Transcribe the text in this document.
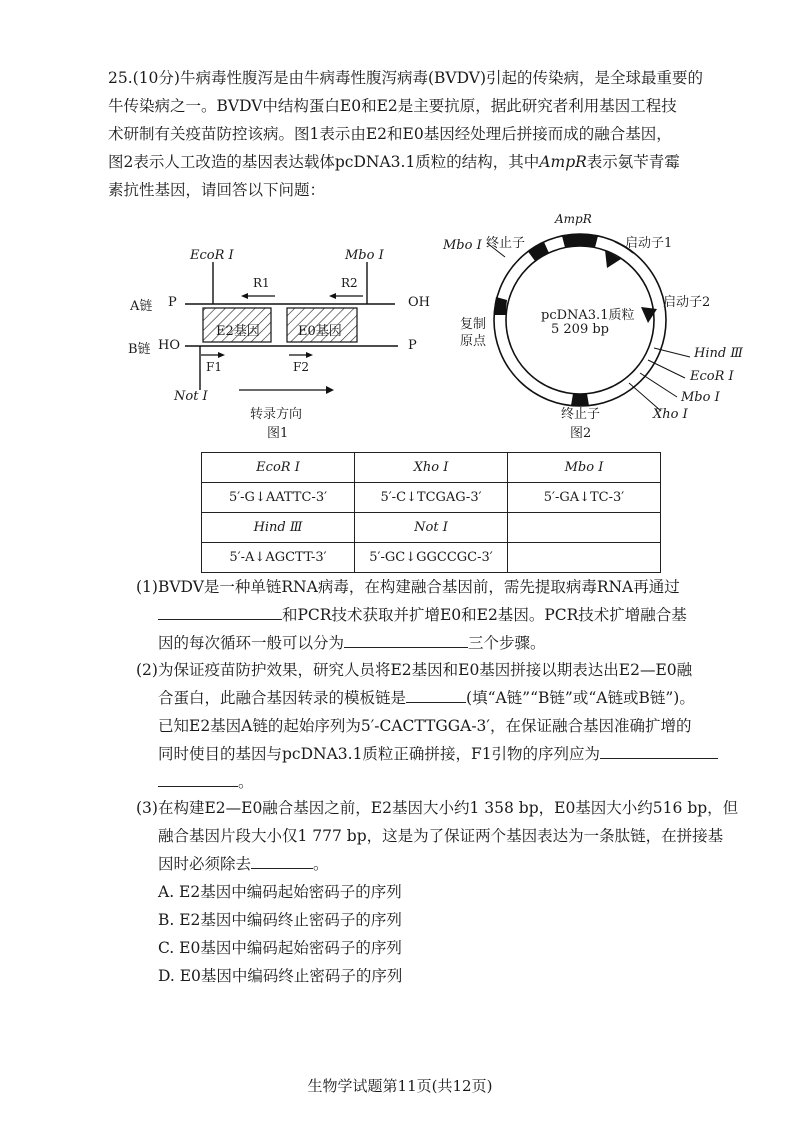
25.(10分)牛病毒性腹泻是由牛病毒性腹泻病毒(BVDV)引起的传染病，是全球最重要的
牛传染病之一。BVDV中结构蛋白E0和E2是主要抗原，据此研究者利用基因工程技
术研制有关疫苗防控该病。图1表示由E2和E0基因经处理后拼接而成的融合基因，
图2表示人工改造的基因表达载体pcDNA3.1质粒的结构，其中AmpR表示氨苄青霉
素抗性基因，请回答以下问题：
EcoR Ⅰ	Mbo Ⅰ
R1	R2
A链 P	OH
E2基因	E0基因
B链 HO	P
F1	F2
Not Ⅰ
转录方向
图1
AmpR
终止子	启动子1
Mbo Ⅰ
启动子2
复制
原点
pcDNA3.1质粒
5 209 bp
Hind Ⅲ
EcoR Ⅰ
Mbo Ⅰ
终止子	Xho Ⅰ
图2
EcoR Ⅰ	Xho Ⅰ	Mbo Ⅰ
5′-G↓AATTC-3′	5′-C↓TCGAG-3′	5′-GA↓TC-3′
Hind Ⅲ	Not Ⅰ	
5′-A↓AGCTT-3′	5′-GC↓GGCCGC-3′	
(1)BVDV是一种单链RNA病毒，在构建融合基因前，需先提取病毒RNA再通过
和PCR技术获取并扩增E0和E2基因。PCR技术扩增融合基
因的每次循环一般可以分为	三个步骤。
(2)为保证疫苗防护效果，研究人员将E2基因和E0基因拼接以期表达出E2—E0融
合蛋白，此融合基因转录的模板链是	(填“A链”“B链”或“A链或B链”)。
已知E2基因A链的起始序列为5′-CACTTGGA-3′，在保证融合基因准确扩增的
同时使目的基因与pcDNA3.1质粒正确拼接，F1引物的序列应为
。
(3)在构建E2—E0融合基因之前，E2基因大小约1 358 bp，E0基因大小约516 bp，但
融合基因片段大小仅1 777 bp，这是为了保证两个基因表达为一条肽链，在拼接基
因时必须除去	。
A. E2基因中编码起始密码子的序列
B. E2基因中编码终止密码子的序列
C. E0基因中编码起始密码子的序列
D. E0基因中编码终止密码子的序列
生物学试题第11页(共12页)
